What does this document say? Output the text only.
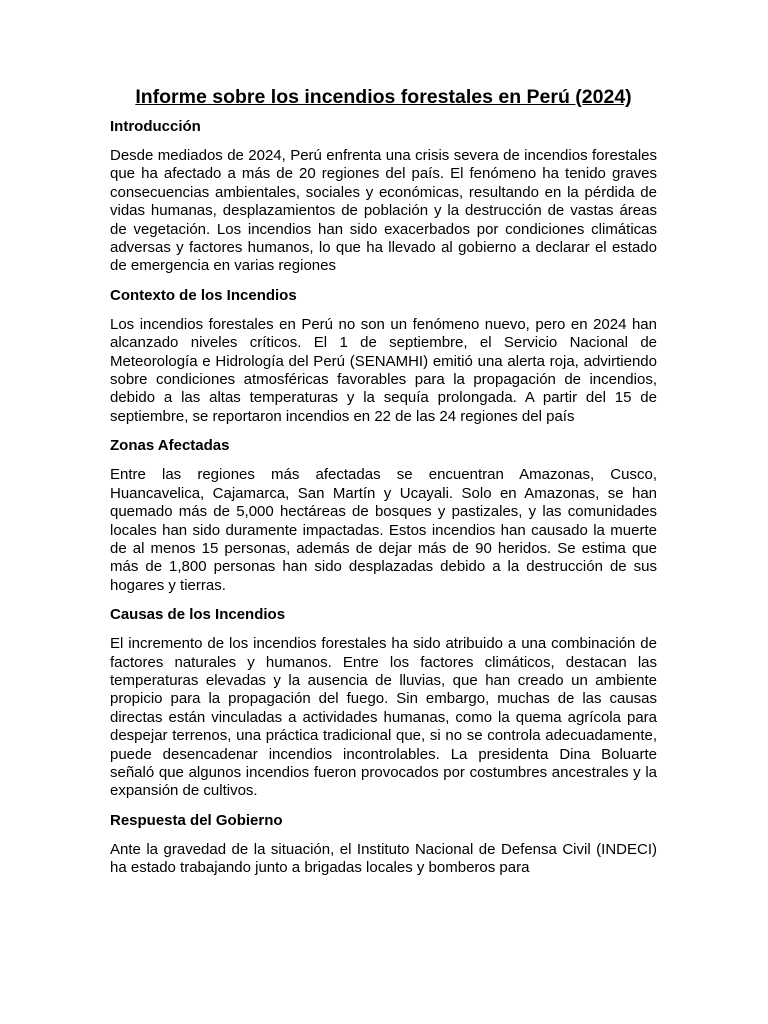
Informe sobre los incendios forestales en Perú (2024)
Introducción
Desde mediados de 2024, Perú enfrenta una crisis severa de incendios forestales que ha afectado a más de 20 regiones del país. El fenómeno ha tenido graves consecuencias ambientales, sociales y económicas, resultando en la pérdida de vidas humanas, desplazamientos de población y la destrucción de vastas áreas de vegetación. Los incendios han sido exacerbados por condiciones climáticas adversas y factores humanos, lo que ha llevado al gobierno a declarar el estado de emergencia en varias regiones
Contexto de los Incendios
Los incendios forestales en Perú no son un fenómeno nuevo, pero en 2024 han alcanzado niveles críticos. El 1 de septiembre, el Servicio Nacional de Meteorología e Hidrología del Perú (SENAMHI) emitió una alerta roja, advirtiendo sobre condiciones atmosféricas favorables para la propagación de incendios, debido a las altas temperaturas y la sequía prolongada. A partir del 15 de septiembre, se reportaron incendios en 22 de las 24 regiones del país
Zonas Afectadas
Entre las regiones más afectadas se encuentran Amazonas, Cusco, Huancavelica, Cajamarca, San Martín y Ucayali. Solo en Amazonas, se han quemado más de 5,000 hectáreas de bosques y pastizales, y las comunidades locales han sido duramente impactadas. Estos incendios han causado la muerte de al menos 15 personas, además de dejar más de 90 heridos. Se estima que más de 1,800 personas han sido desplazadas debido a la destrucción de sus hogares y tierras.
Causas de los Incendios
El incremento de los incendios forestales ha sido atribuido a una combinación de factores naturales y humanos. Entre los factores climáticos, destacan las temperaturas elevadas y la ausencia de lluvias, que han creado un ambiente propicio para la propagación del fuego. Sin embargo, muchas de las causas directas están vinculadas a actividades humanas, como la quema agrícola para despejar terrenos, una práctica tradicional que, si no se controla adecuadamente, puede desencadenar incendios incontrolables. La presidenta Dina Boluarte señaló que algunos incendios fueron provocados por costumbres ancestrales y la expansión de cultivos.
Respuesta del Gobierno
Ante la gravedad de la situación, el Instituto Nacional de Defensa Civil (INDECI) ha estado trabajando junto a brigadas locales y bomberos para
